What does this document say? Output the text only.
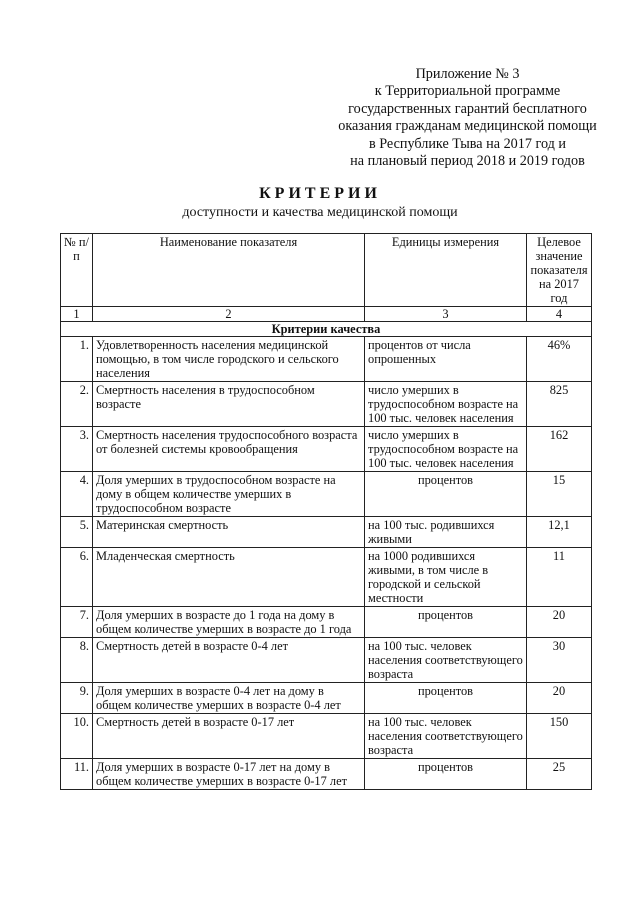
Приложение № 3
к Территориальной программе
государственных гарантий бесплатного
оказания гражданам медицинской помощи
в Республике Тыва на 2017 год и
на плановый период 2018 и 2019 годов
КРИТЕРИИ
доступности и качества медицинской помощи
№ п/п	Наименование показателя	Единицы измерения	Целевое значение показателя на 2017 год
1	2	3	4
Критерии качества			
1.	Удовлетворенность населения медицинской помощью, в том числе городского и сельского населения	процентов от числа опрошенных	46%
2.	Смертность населения в трудоспособном возрасте	число умерших в трудоспособном возрасте на 100 тыс. человек населения	825
3.	Смертность населения трудоспособного возраста от болезней системы кровообращения	число умерших в трудоспособном возрасте на 100 тыс. человек населения	162
4.	Доля умерших в трудоспособном возрасте на дому в общем количестве умерших в трудоспособном возрасте	процентов	15
5.	Материнская смертность	на 100 тыс. родившихся живыми	12,1
6.	Младенческая смертность	на 1000 родившихся живыми, в том числе в городской и сельской местности	11
7.	Доля умерших в возрасте до 1 года на дому в общем количестве умерших в возрасте до 1 года	процентов	20
8.	Смертность детей в возрасте 0-4 лет	на 100 тыс. человек населения соответствующего возраста	30
9.	Доля умерших в возрасте 0-4 лет на дому в общем количестве умерших в возрасте 0-4 лет	процентов	20
10.	Смертность детей в возрасте 0-17 лет	на 100 тыс. человек населения соответствующего возраста	150
11.	Доля умерших в возрасте 0-17 лет на дому в общем количестве умерших в возрасте 0-17 лет	процентов	25
